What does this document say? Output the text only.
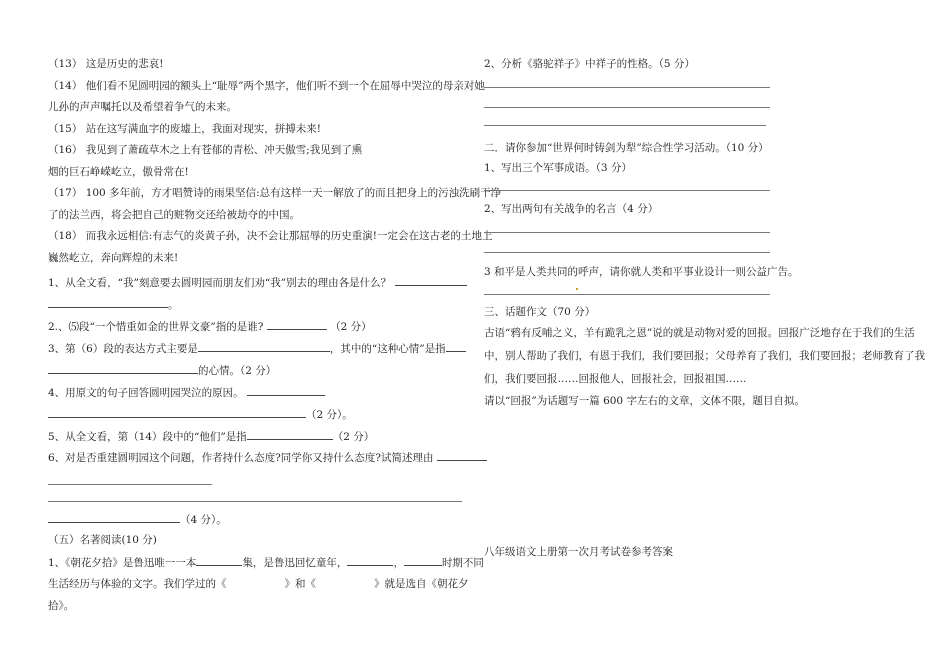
（13） 这是历史的悲哀!
（14） 他们看不见圆明园的额头上“耻辱”两个黑字，他们听不到一个在屈辱中哭泣的母亲对她
儿孙的声声嘱托以及希望着争气的未来。
（15） 站在这写满血字的废墟上，我面对现实，拼搏未来!
（16） 我见到了萧疏草木之上有苍郁的青松、冲天傲雪;我见到了熏
烟的巨石峥嵘屹立，傲骨常在!
（17） 100 多年前，方才唱赞诗的雨果坚信:总有这样一天一解放了的而且把身上的污浊洗刷干净
了的法兰西，将会把自己的赃物交还给被劫夺的中国。
（18） 而我永远相信:有志气的炎黄子孙，决不会让那屈辱的历史重演!一定会在这古老的土地上
巍然屹立，奔向辉煌的未来!
1、从全文看，“我”刻意要去圆明园而朋友们劝“我”别去的理由各是什么？
。
2.、⑸段“一个惜重如金的世界文豪”指的是谁?	（2 分）
3、第（6）段的表达方式主要是	，其中的“这种心情”是指
的心情。（2 分）
4、用原文的句子回答圆明园哭泣的原因。
（2 分）。
5、从全文看，第（14）段中的“他们”是指	（2 分）
6、对是否重建圆明园这个问题，作者持什么态度?同学你又持什么态度?试简述理由
（4 分）。
（五）名著阅读(10 分)
1、《朝花夕拾》是鲁迅唯一一本	集，是鲁迅回忆童年，	，	时期不同
生活经历与体验的文字。我们学过的《	》和《	》就是选自《朝花夕
拾》。
2、分析《骆驼祥子》中祥子的性格。（5 分）
二．请你参加“世界何时铸剑为犁”综合性学习活动。（10 分）
1、写出三个军事成语。（3 分）
2、写出两句有关战争的名言（4 分）
3 和平是人类共同的呼声，请你就人类和平事业设计一则公益广告。
三、话题作文（70 分）
古语“鸦有反哺之义，羊有跪乳之恩”说的就是动物对爱的回报。回报广泛地存在于我们的生活
中，别人帮助了我们，有恩于我们，我们要回报；父母养育了我们，我们要回报；老师教育了我
们，我们要回报……回报他人，回报社会，回报祖国……
请以“回报”为话题写一篇 600 字左右的文章，文体不限，题目自拟。
八年级语文上册第一次月考试卷参考答案
